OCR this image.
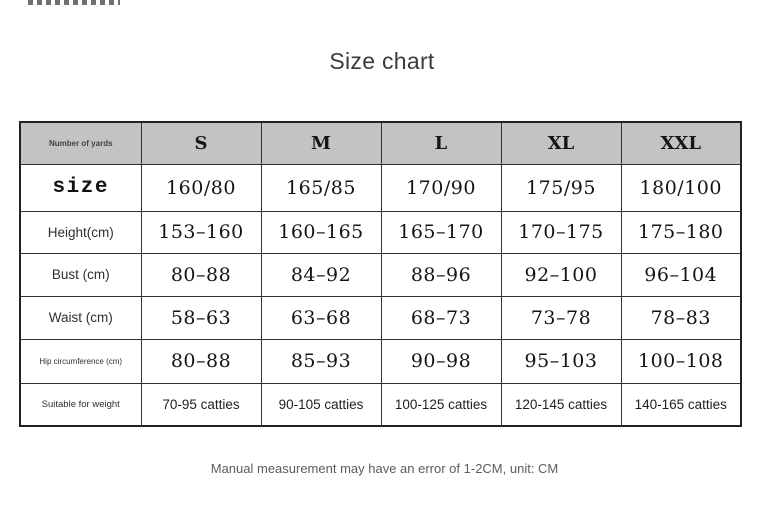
Size chart
Number of yards	S	M	L	XL	XXL
size	160/80	165/85	170/90	175/95	180/100
Height(cm)	153–160	160–165	165–170	170–175	175–180
Bust (cm)	80–88	84–92	88–96	92–100	96–104
Waist (cm)	58–63	63–68	68–73	73–78	78–83
Hip circumference (cm)	80–88	85–93	90–98	95–103	100–108
Suitable for weight	70-95 catties	90-105 catties	100-125 catties	120-145 catties	140-165 catties
Manual measurement may have an error of 1-2CM, unit: CM
